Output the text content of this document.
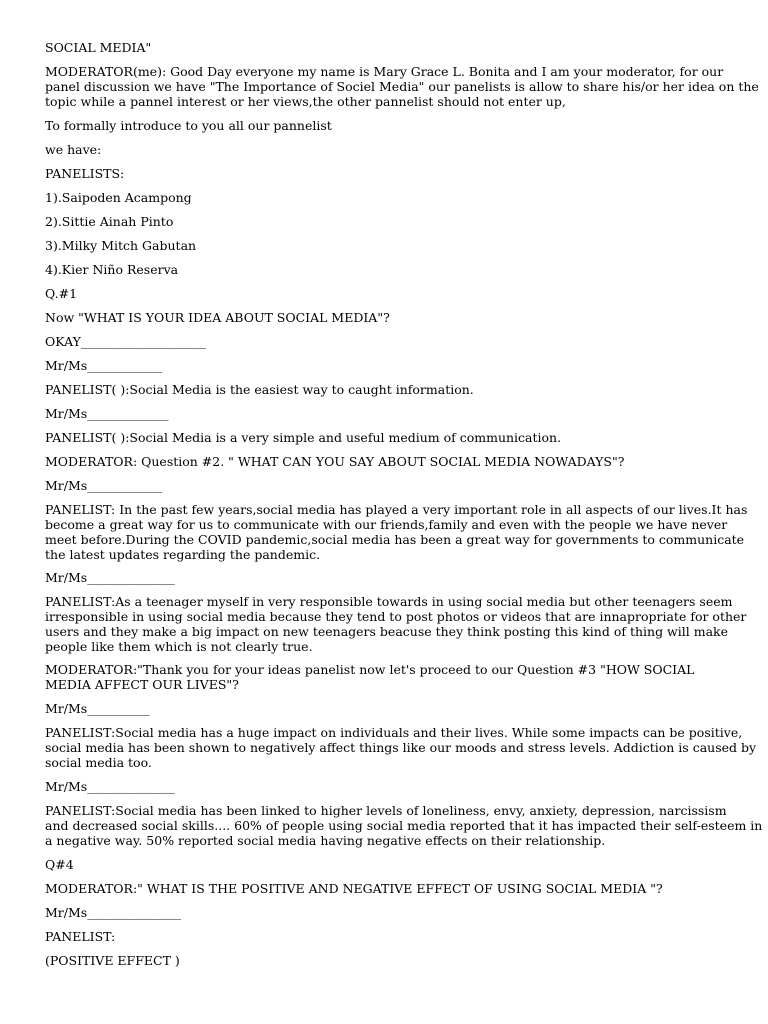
SOCIAL MEDIA"

MODERATOR(me): Good Day everyone my name is Mary Grace L. Bonita and I am your moderator, for our
panel discussion we have "The Importance of Sociel Media" our panelists is allow to share his/or her idea on the
topic while a pannel interest or her views,the other pannelist should not enter up,

To formally introduce to you all our pannelist

we have:

PANELISTS:

1).Saipoden Acampong

2).Sittie Ainah Pinto

3).Milky Mitch Gabutan

4).Kier Niño Reserva

Q.#1

Now "WHAT IS YOUR IDEA ABOUT SOCIAL MEDIA"?

OKAY____________________

Mr/Ms____________

PANELIST( ):Social Media is the easiest way to caught information.

Mr/Ms_____________

PANELIST( ):Social Media is a very simple and useful medium of communication.

MODERATOR: Question #2. " WHAT CAN YOU SAY ABOUT SOCIAL MEDIA NOWADAYS"?

Mr/Ms____________

PANELIST: In the past few years,social media has played a very important role in all aspects of our lives.It has
become a great way for us to communicate with our friends,family and even with the people we have never
meet before.During the COVID pandemic,social media has been a great way for governments to communicate
the latest updates regarding the pandemic.

Mr/Ms______________

PANELIST:As a teenager myself in very responsible towards in using social media but other teenagers seem
irresponsible in using social media because they tend to post photos or videos that are innapropriate for other
users and they make a big impact on new teenagers beacuse they think posting this kind of thing will make
people like them which is not clearly true.
MODERATOR:"Thank you for your ideas panelist now let's proceed to our Question #3 "HOW SOCIAL
MEDIA AFFECT OUR LIVES"?

Mr/Ms__________

PANELIST:Social media has a huge impact on individuals and their lives. While some impacts can be positive,
social media has been shown to negatively affect things like our moods and stress levels. Addiction is caused by
social media too.

Mr/Ms______________

PANELIST:Social media has been linked to higher levels of loneliness, envy, anxiety, depression, narcissism
and decreased social skills.... 60% of people using social media reported that it has impacted their self-esteem in
a negative way. 50% reported social media having negative effects on their relationship.

Q#4

MODERATOR:" WHAT IS THE POSITIVE AND NEGATIVE EFFECT OF USING SOCIAL MEDIA "?

Mr/Ms_______________

PANELIST:

(POSITIVE EFFECT )
